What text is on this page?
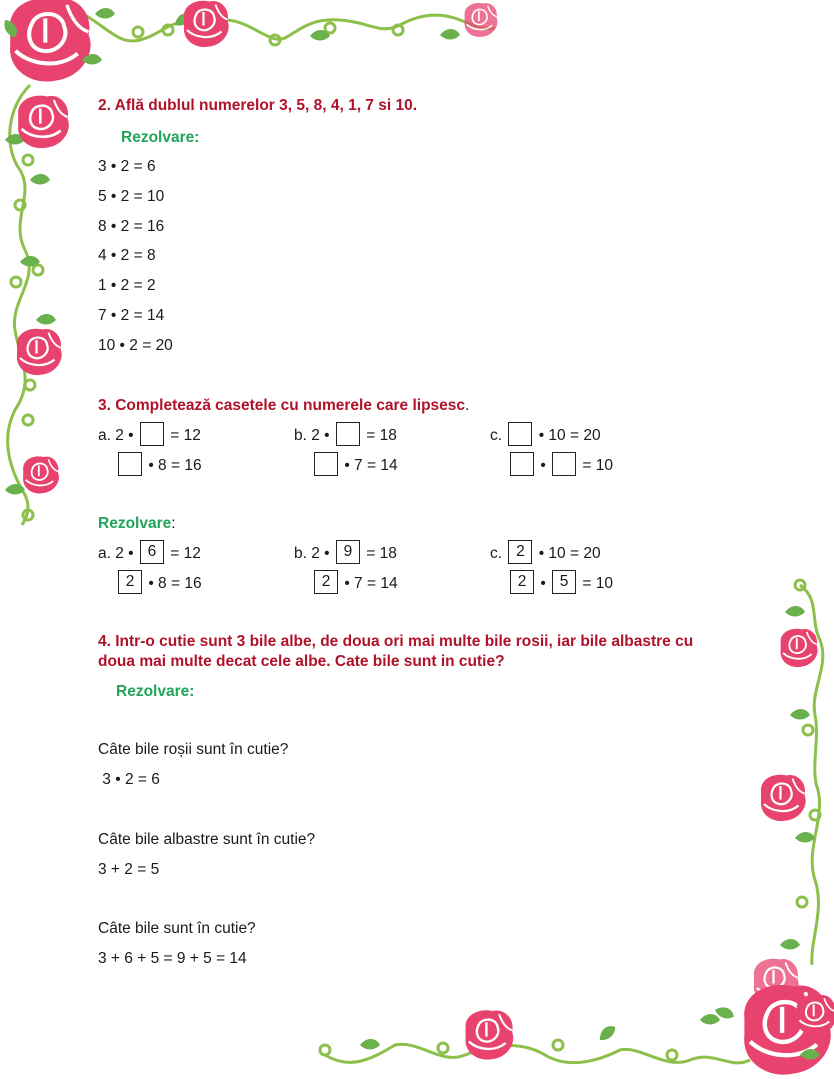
2. Află dublul numerelor 3, 5, 8, 4, 1, 7 si 10.
Rezolvare:
3 • 2 = 6
5 • 2 = 10
8 • 2 = 16
4 • 2 = 8
1 • 2 = 2
7 • 2 = 14
10 • 2 = 20
3. Completează casetele cu numerele care lipsesc.
a. 2 • = 12
• 8 = 16
b. 2 • = 18
• 7 = 14
c. • 10 = 20
• = 10
Rezolvare:
a. 2 • 6 = 12
2 • 8 = 16
b. 2 • 9 = 18
2 • 7 = 14
c. 2 • 10 = 20
2 • 5 = 10
4. Intr-o cutie sunt 3 bile albe, de doua ori mai multe bile rosii, iar bile albastre cu
doua mai multe decat cele albe. Cate bile sunt in cutie?
Rezolvare:
Câte bile roșii sunt în cutie?
3 • 2 = 6
Câte bile albastre sunt în cutie?
3 + 2 = 5
Câte bile sunt în cutie?
3 + 6 + 5 = 9 + 5 = 14
